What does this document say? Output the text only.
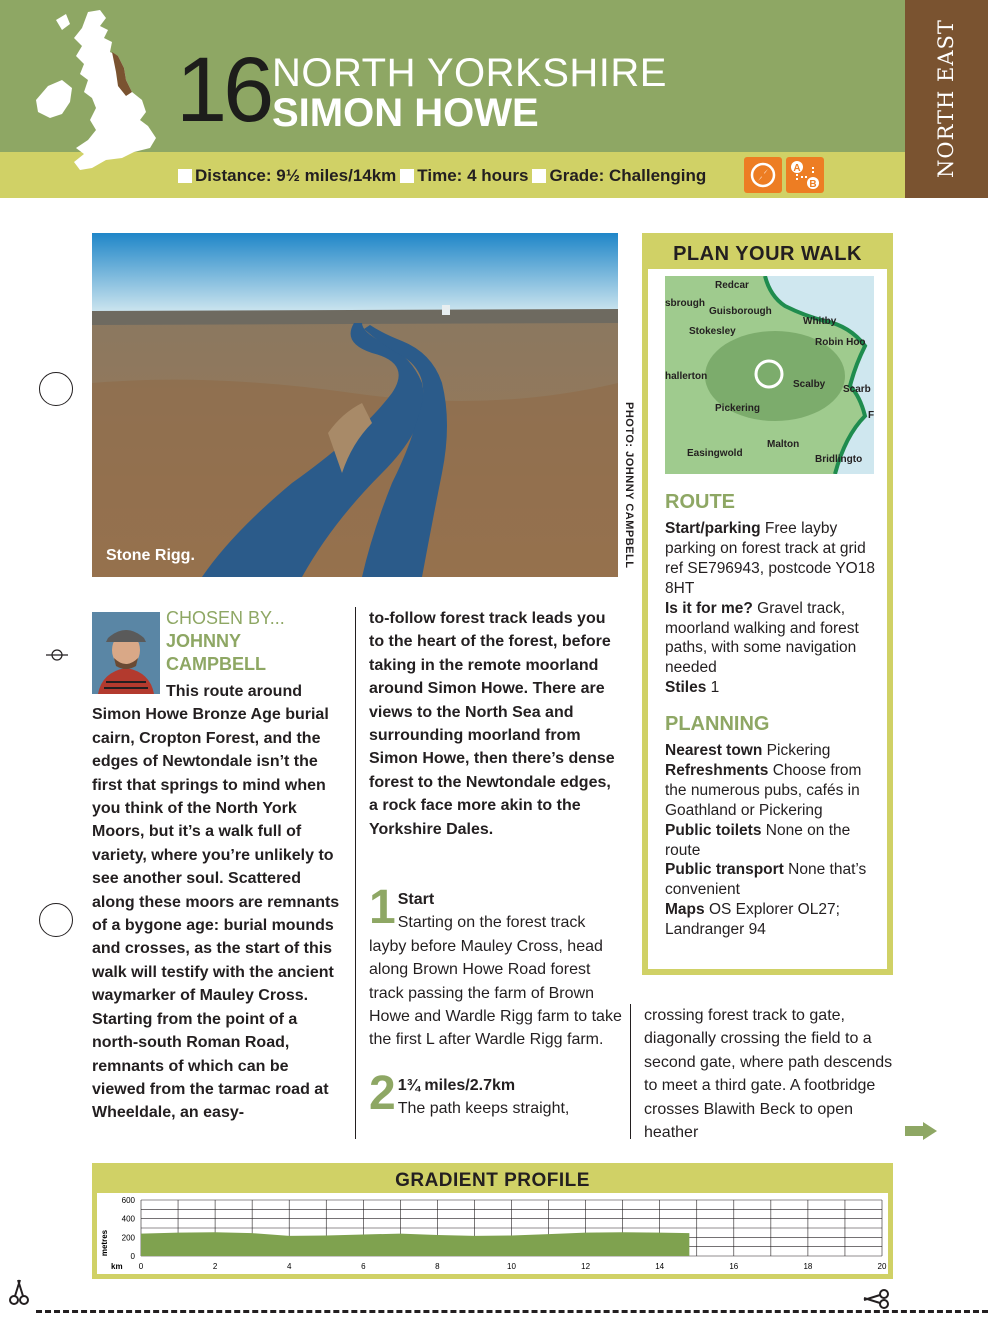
NORTH EAST
16 NORTH YORKSHIRE
SIMON HOWE
Distance:
9½ miles/14km Time:
4 hours Grade:
Challenging	A
B
Stone Rigg.	PHOTO: JOHNNY CAMPBELL
CHOSEN BY...
JOHNNY
CAMPBELL
This route around Simon Howe Bronze Age burial cairn, Cropton Forest, and the edges of Newtondale isn’t the first that springs to mind when you think of the North York Moors, but it’s a walk full of variety, where you’re unlikely to see another soul. Scattered along these moors are remnants of a bygone age: burial mounds and crosses, as the start of this walk will testify with the ancient waymarker of Mauley Cross. Starting from the point of a north-south Roman Road, remnants of which can be viewed from the tarmac road at Wheeldale, an easy-
to-follow forest track leads you to the heart of the forest, before taking in the remote moorland around Simon Howe. There are views to the North Sea and surrounding moorland from Simon Howe, then there’s dense forest to the Newtondale edges, a rock face more akin to the Yorkshire Dales.
1 Start
Starting on the forest track layby before Mauley Cross, head along Brown Howe Road forest track passing the farm of Brown Howe and Wardle Rigg farm to take the first L after Wardle Rigg farm.
2 1¾ miles/2.7km
The path keeps straight,
crossing forest track to gate, diagonally crossing the field to a second gate, where path descends to meet a third gate. A footbridge crosses Blawith Beck to open heather
PLAN YOUR WALK
Redcar
sbrough
Guisborough
Whitby
Stokesley
Robin Hoo
hallerton
Scalby Scarb
Pickering
F
Malton
Easingwold
Bridlingto
ROUTE
Start/parking Free layby parking on forest track at grid ref SE796943, postcode YO18 8HT
Is it for me? Gravel track, moorland walking and forest paths, with some navigation needed
Stiles 1
PLANNING
Nearest town Pickering
Refreshments Choose from the numerous pubs, cafés in Goathland or Pickering
Public toilets None on the route
Public transport None that’s convenient
Maps OS Explorer OL27; Landranger 94
GRADIENT PROFILE
metres
km
600
400
200
0
0	2	4	6	8	10	12	14	16	18	20
